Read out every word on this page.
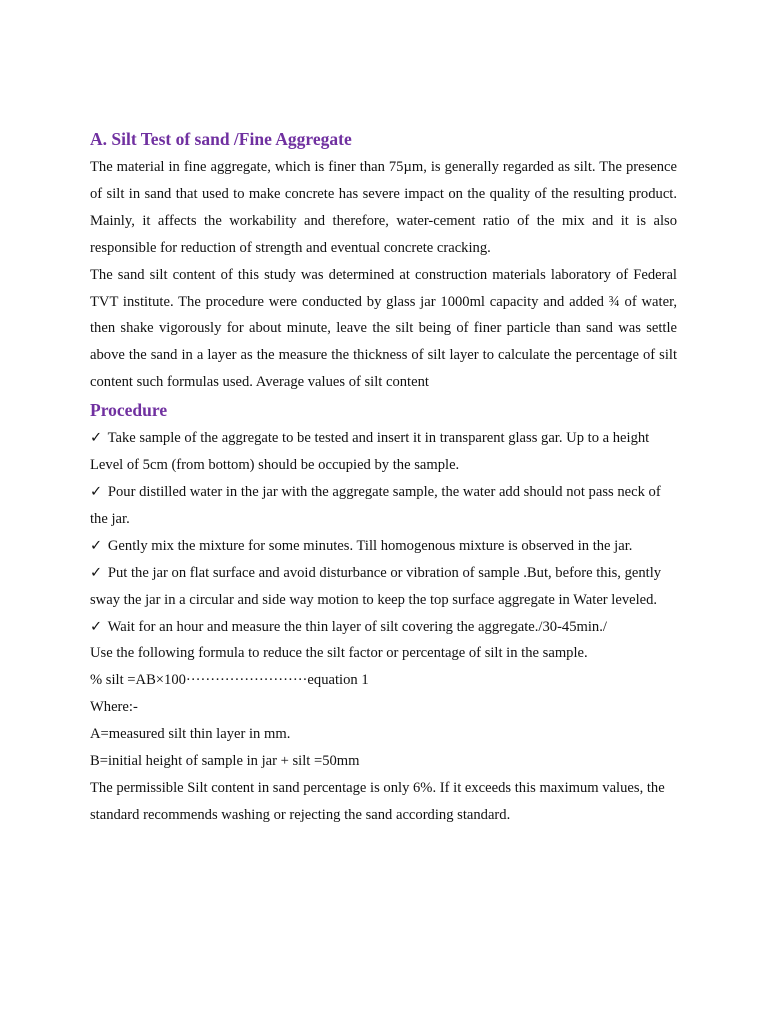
A. Silt Test of sand /Fine Aggregate

The material in fine aggregate, which is finer than 75µm, is generally regarded as silt. The presence of silt in sand that used to make concrete has severe impact on the quality of the resulting product. Mainly, it affects the workability and therefore, water-cement ratio of the mix and it is also responsible for reduction of strength and eventual concrete cracking.

The sand silt content of this study was determined at construction materials laboratory of Federal TVT institute. The procedure were conducted by glass jar 1000ml capacity and added ¾ of water, then shake vigorously for about minute, leave the silt being of finer particle than sand was settle above the sand in a layer as the measure the thickness of silt layer to calculate the percentage of silt content such formulas used. Average values of silt content

Procedure

✓ Take sample of the aggregate to be tested and insert it in transparent glass gar. Up to a height Level of 5cm (from bottom) should be occupied by the sample.

✓ Pour distilled water in the jar with the aggregate sample, the water add should not pass neck of the jar.

✓ Gently mix the mixture for some minutes. Till homogenous mixture is observed in the jar.

✓ Put the jar on flat surface and avoid disturbance or vibration of sample .But, before this, gently sway the jar in a circular and side way motion to keep the top surface aggregate in Water leveled.

✓ Wait for an hour and measure the thin layer of silt covering the aggregate./30-45min./

Use the following formula to reduce the silt factor or percentage of silt in the sample.

% silt =AB×100·························equation 1

Where:-

A=measured silt thin layer in mm.

B=initial height of sample in jar + silt =50mm

The permissible Silt content in sand percentage is only 6%. If it exceeds this maximum values, the standard recommends washing or rejecting the sand according standard.
